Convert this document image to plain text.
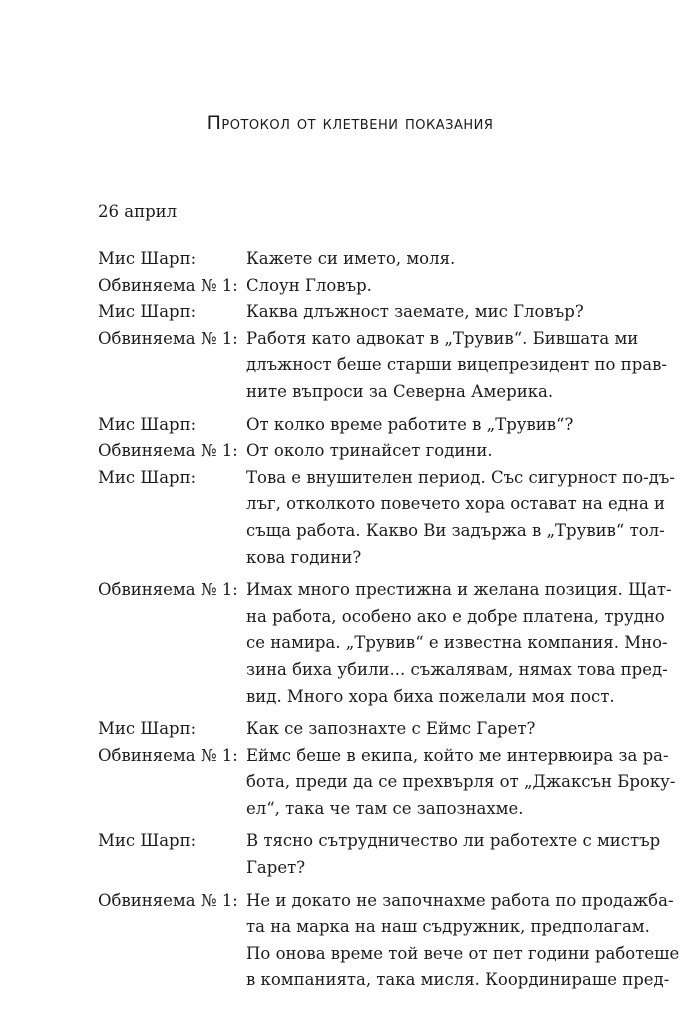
Протокол от клетвени показания
26 април
Мис Шарп:	Кажете си името, моля.
Обвиняема № 1: Слоун Гловър.
Мис Шарп:	Каква длъжност заемате, мис Гловър?
Обвиняема № 1: Работя като адвокат в „Трувив“. Бившата ми
длъжност беше старши вицепрезидент по прав-
ните въпроси за Северна Америка.
Мис Шарп:	От колко време работите в „Трувив“?
Обвиняема № 1: От около тринайсет години.
Мис Шарп:	Това е внушителен период. Със сигурност по-дъ-
лъг, отколкото повечето хора остават на една и
съща работа. Какво Ви задържа в „Трувив“ тол-
кова години?
Обвиняема № 1: Имах много престижна и желана позиция. Щат-
на работа, особено ако е добре платена, трудно
се намира. „Трувив“ е известна компания. Мно-
зина биха убили... съжалявам, нямах това пред-
вид. Много хора биха пожелали моя пост.
Мис Шарп:	Как се запознахте с Еймс Гарет?
Обвиняема № 1: Еймс беше в екипа, който ме интервюира за ра-
бота, преди да се прехвърля от „Джаксън Броку-
ел“, така че там се запознахме.
Мис Шарп:	В тясно сътрудничество ли работехте с мистър
Гарет?
Обвиняема № 1: Не и докато не започнахме работа по продажба-
та на марка на наш съдружник, предполагам.
По онова време той вече от пет години работеше
в компанията, така мисля. Координираше пред-
